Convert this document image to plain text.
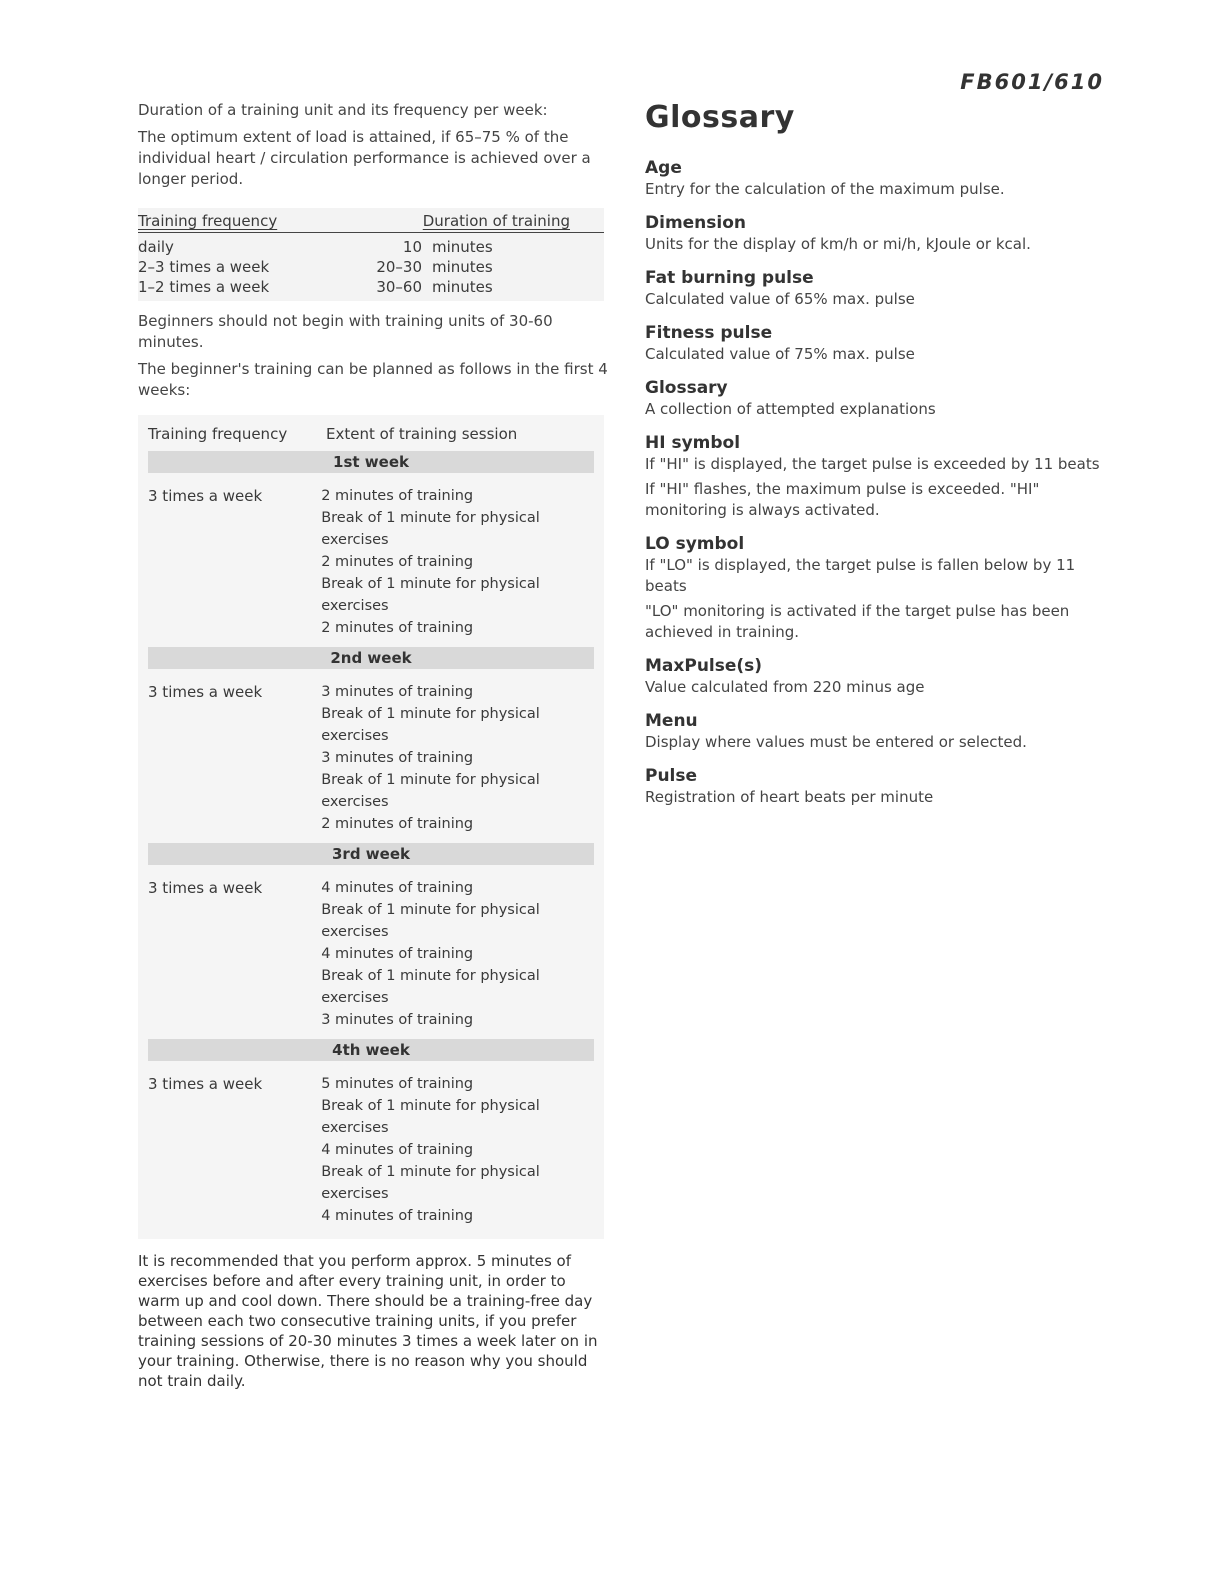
FB601/610

Duration of a training unit and its frequency per week:

The optimum extent of load is attained, if 65–75 % of the individual heart / circulation performance is achieved over a longer period.

Training frequency	Duration of training
daily	10 minutes
2–3 times a week	20–30 minutes
1–2 times a week	30–60 minutes

Beginners should not begin with training units of 30-60 minutes.

The beginner's training can be planned as follows in the first 4 weeks:

Training frequency	Extent of training session
1st week
3 times a week	2 minutes of training
Break of 1 minute for physical exercises
2 minutes of training
Break of 1 minute for physical exercises
2 minutes of training
2nd week
3 times a week	3 minutes of training
Break of 1 minute for physical exercises
3 minutes of training
Break of 1 minute for physical exercises
2 minutes of training
3rd week
3 times a week	4 minutes of training
Break of 1 minute for physical exercises
4 minutes of training
Break of 1 minute for physical exercises
3 minutes of training
4th week
3 times a week	5 minutes of training
Break of 1 minute for physical exercises
4 minutes of training
Break of 1 minute for physical exercises
4 minutes of training

It is recommended that you perform approx. 5 minutes of exercises before and after every training unit, in order to warm up and cool down. There should be a training-free day between each two consecutive training units, if you prefer training sessions of 20-30 minutes 3 times a week later on in your training. Otherwise, there is no reason why you should not train daily.

Glossary
Age
Entry for the calculation of the maximum pulse.
Dimension
Units for the display of km/h or mi/h, kJoule or kcal.
Fat burning pulse
Calculated value of 65% max. pulse
Fitness pulse
Calculated value of 75% max. pulse
Glossary
A collection of attempted explanations
HI symbol
If "HI" is displayed, the target pulse is exceeded by 11 beats
If "HI" flashes, the maximum pulse is exceeded. "HI" monitoring is always activated.
LO symbol
If "LO" is displayed, the target pulse is fallen below by 11 beats
"LO" monitoring is activated if the target pulse has been achieved in training.
MaxPulse(s)
Value calculated from 220 minus age
Menu
Display where values must be entered or selected.
Pulse
Registration of heart beats per minute
